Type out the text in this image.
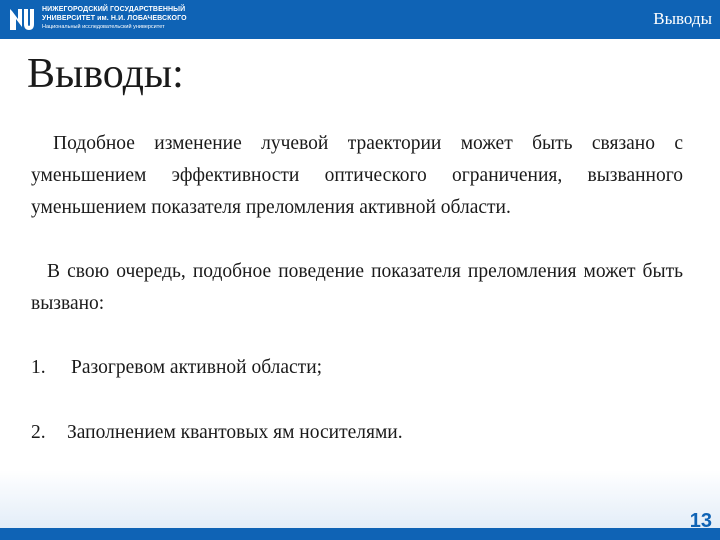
НИЖЕГОРОДСКИЙ ГОСУДАРСТВЕННЫЙ
УНИВЕРСИТЕТ им. Н.И. ЛОБАЧЕВСКОГО
Национальный исследовательский университет	Выводы
Выводы:

Подобное изменение лучевой траектории может быть связано с уменьшением эффективности оптического ограничения, вызванного уменьшением показателя преломления активной области.

В свою очередь, подобное поведение показателя преломления может быть вызвано:

1. Разогревом активной области;
2. Заполнением квантовых ям носителями.
13
